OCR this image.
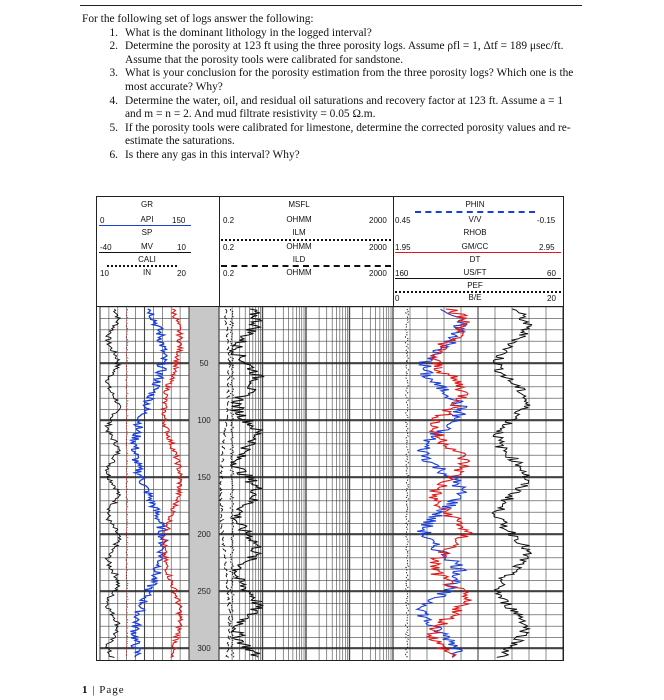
For the following set of logs answer the following:

1. What is the dominant lithology in the logged interval?
2. Determine the porosity at 123 ft using the three porosity logs. Assume ρfl = 1, Δtf = 189 μsec/ft. Assume that the porosity tools were calibrated for sandstone.
3. What is your conclusion for the porosity estimation from the three porosity logs? Which one is the most accurate? Why?
4. Determine the water, oil, and residual oil saturations and recovery factor at 123 ft. Assume a = 1 and m = n = 2. And mud filtrate resistivity = 0.05 Ω.m.
5. If the porosity tools were calibrated for limestone, determine the corrected porosity values and re-estimate the saturations.
6. Is there any gas in this interval? Why?
GR
0	API 150
SP
-40	MV	10
CALI
10	IN	20
MSFL
0.2	OHMM	2000
ILM
0.2	OHMM	2000
ILD
0.2	OHMM	2000
PHIN
0.45	V/V	-0.15
RHOB
1.95	GM/CC	2.95
DT
160	US/FT	60
PEF
0	B/E	20
50
100
150
200
250
300
1 | Page
